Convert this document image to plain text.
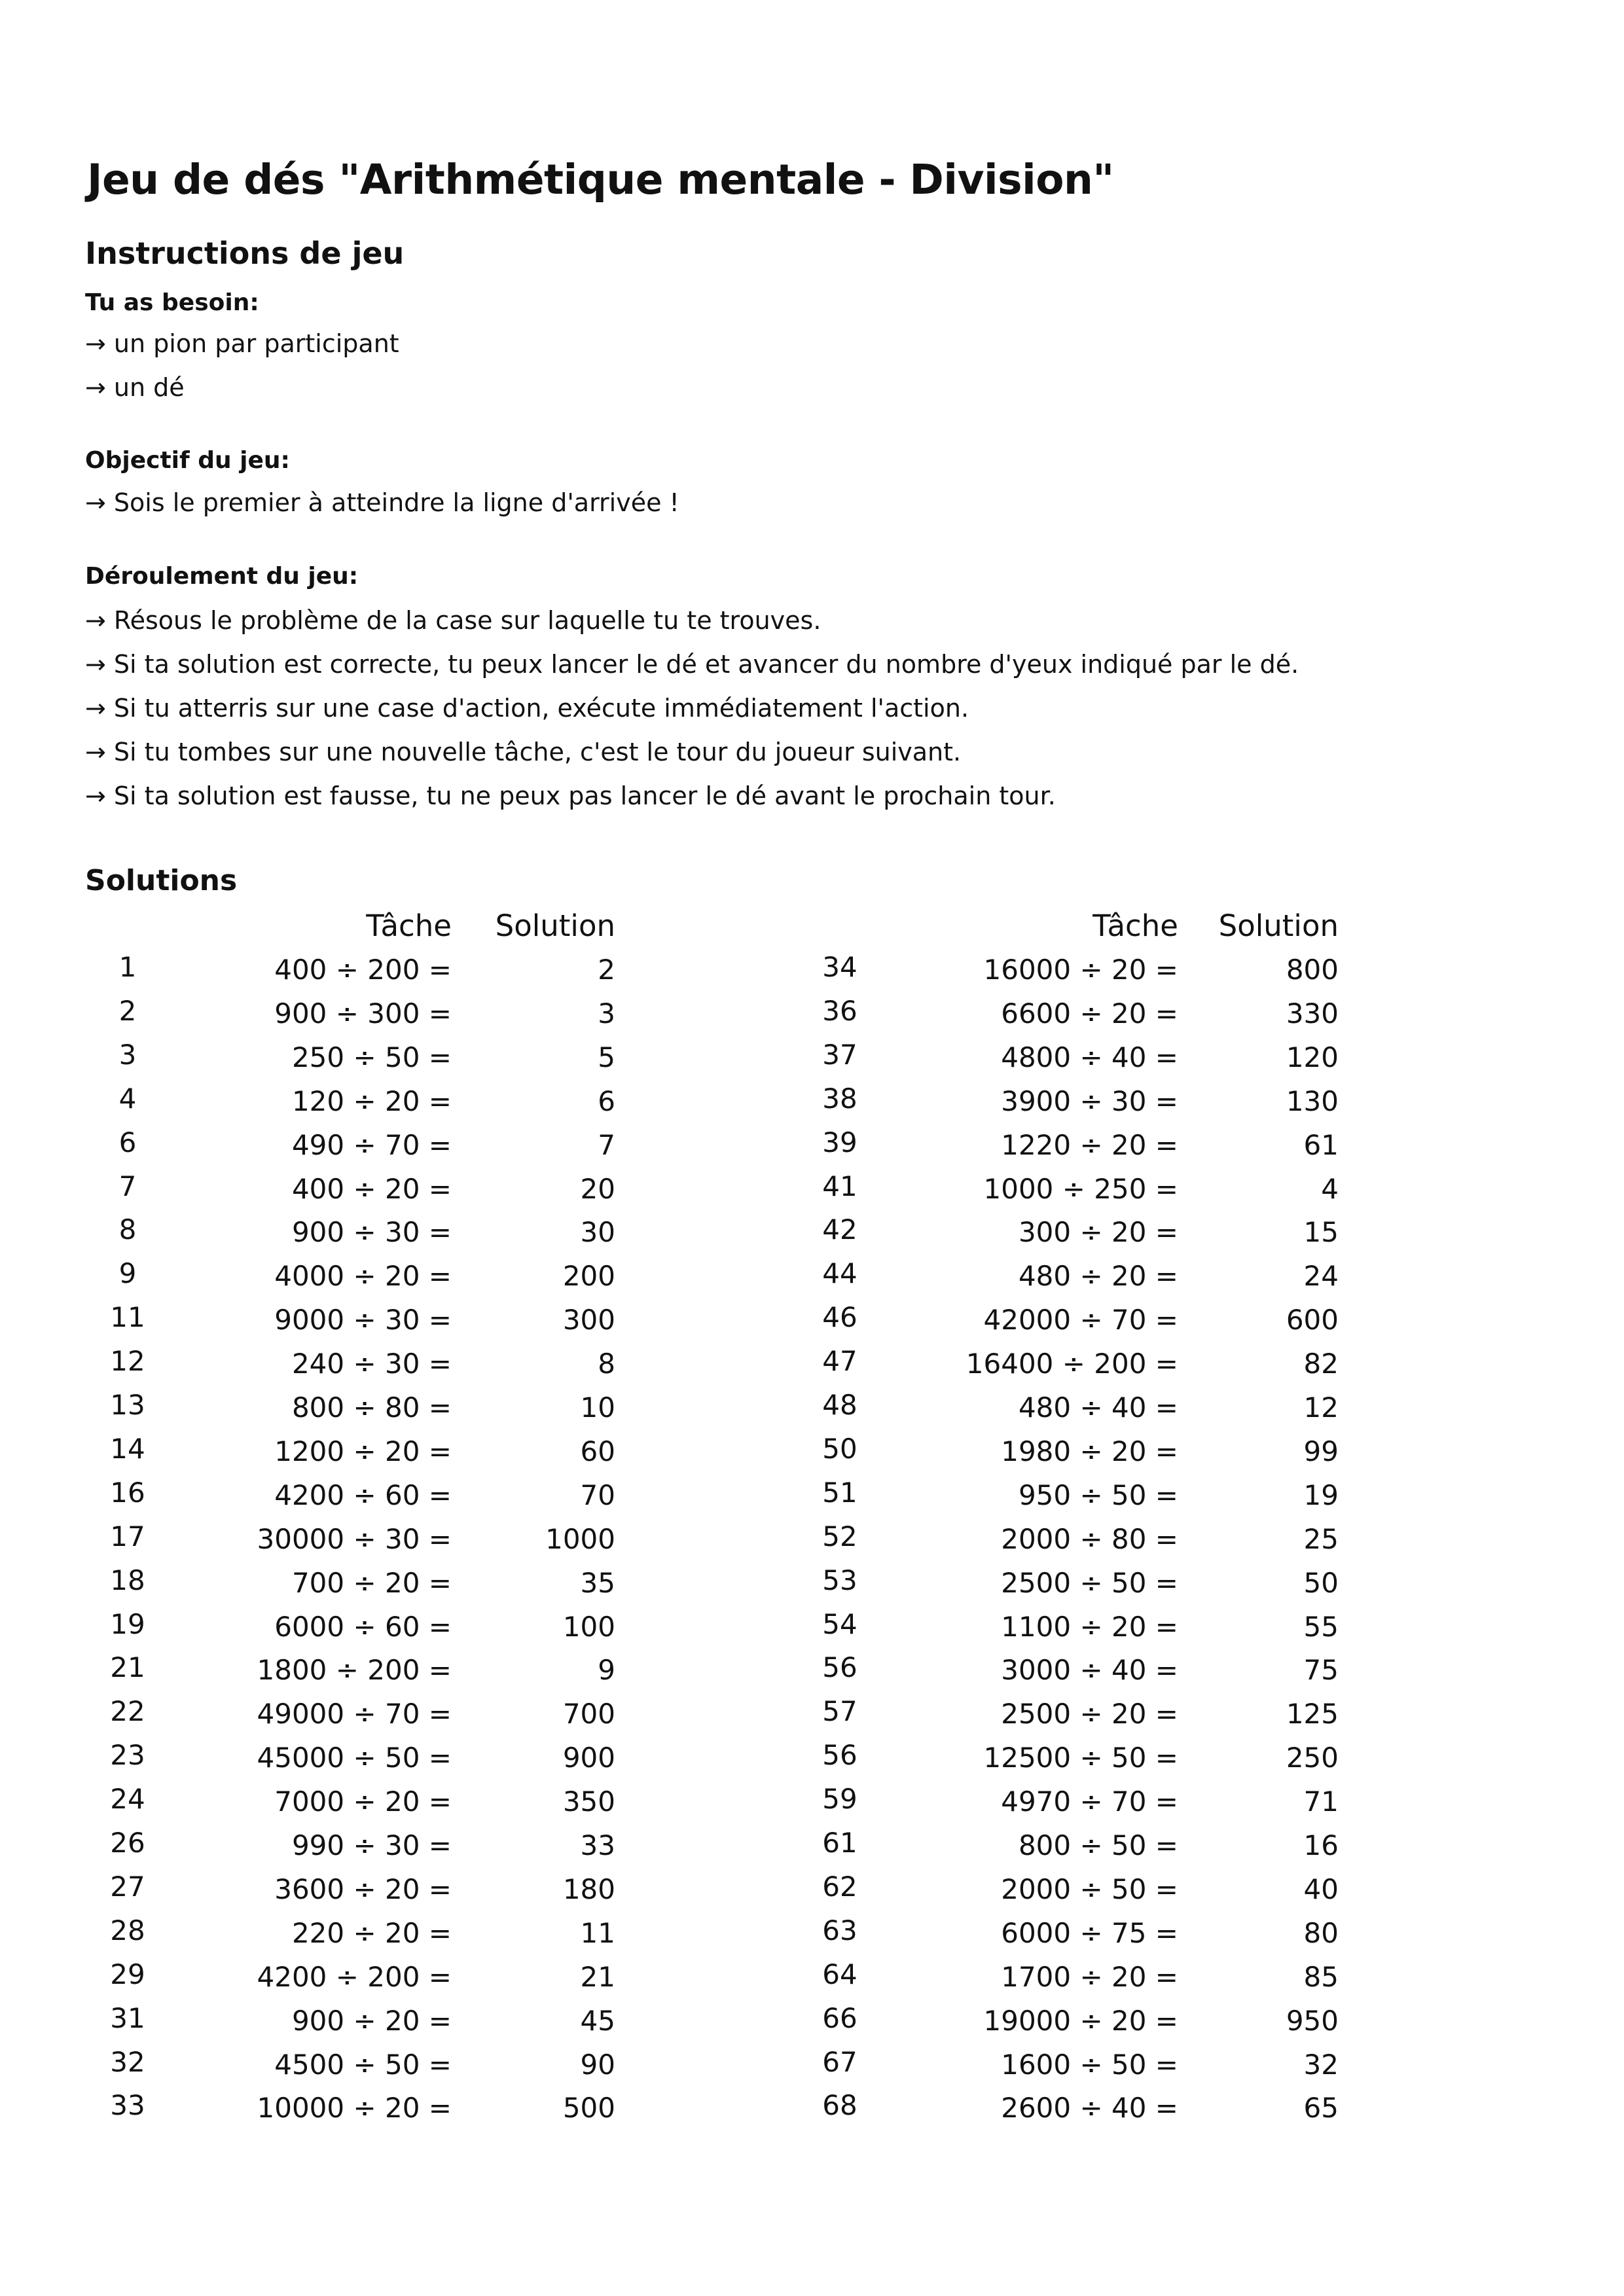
Jeu de dés "Arithmétique mentale - Division"
Instructions de jeu
Tu as besoin:
→ un pion par participant
→ un dé
Objectif du jeu:
→ Sois le premier à atteindre la ligne d'arrivée !
Déroulement du jeu:
→ Résous le problème de la case sur laquelle tu te trouves.
→ Si ta solution est correcte, tu peux lancer le dé et avancer du nombre d'yeux indiqué par le dé.
→ Si tu atterris sur une case d'action, exécute immédiatement l'action.
→ Si tu tombes sur une nouvelle tâche, c'est le tour du joueur suivant.
→ Si ta solution est fausse, tu ne peux pas lancer le dé avant le prochain tour.
Solutions
Tâche	Solution
1	400 ÷ 200 =	2
2	900 ÷ 300 =	3
3	250 ÷ 50 =	5
4	120 ÷ 20 =	6
6	490 ÷ 70 =	7
7	400 ÷ 20 =	20
8	900 ÷ 30 =	30
9	4000 ÷ 20 =	200
11	9000 ÷ 30 =	300
12	240 ÷ 30 =	8
13	800 ÷ 80 =	10
14	1200 ÷ 20 =	60
16	4200 ÷ 60 =	70
17	30000 ÷ 30 =	1000
18	700 ÷ 20 =	35
19	6000 ÷ 60 =	100
21	1800 ÷ 200 =	9
22	49000 ÷ 70 =	700
23	45000 ÷ 50 =	900
24	7000 ÷ 20 =	350
26	990 ÷ 30 =	33
27	3600 ÷ 20 =	180
28	220 ÷ 20 =	11
29	4200 ÷ 200 =	21
31	900 ÷ 20 =	45
32	4500 ÷ 50 =	90
33	10000 ÷ 20 =	500
Tâche	Solution
34	16000 ÷ 20 =	800
36	6600 ÷ 20 =	330
37	4800 ÷ 40 =	120
38	3900 ÷ 30 =	130
39	1220 ÷ 20 =	61
41	1000 ÷ 250 =	4
42	300 ÷ 20 =	15
44	480 ÷ 20 =	24
46	42000 ÷ 70 =	600
47	16400 ÷ 200 =	82
48	480 ÷ 40 =	12
50	1980 ÷ 20 =	99
51	950 ÷ 50 =	19
52	2000 ÷ 80 =	25
53	2500 ÷ 50 =	50
54	1100 ÷ 20 =	55
56	3000 ÷ 40 =	75
57	2500 ÷ 20 =	125
56	12500 ÷ 50 =	250
59	4970 ÷ 70 =	71
61	800 ÷ 50 =	16
62	2000 ÷ 50 =	40
63	6000 ÷ 75 =	80
64	1700 ÷ 20 =	85
66	19000 ÷ 20 =	950
67	1600 ÷ 50 =	32
68	2600 ÷ 40 =	65
